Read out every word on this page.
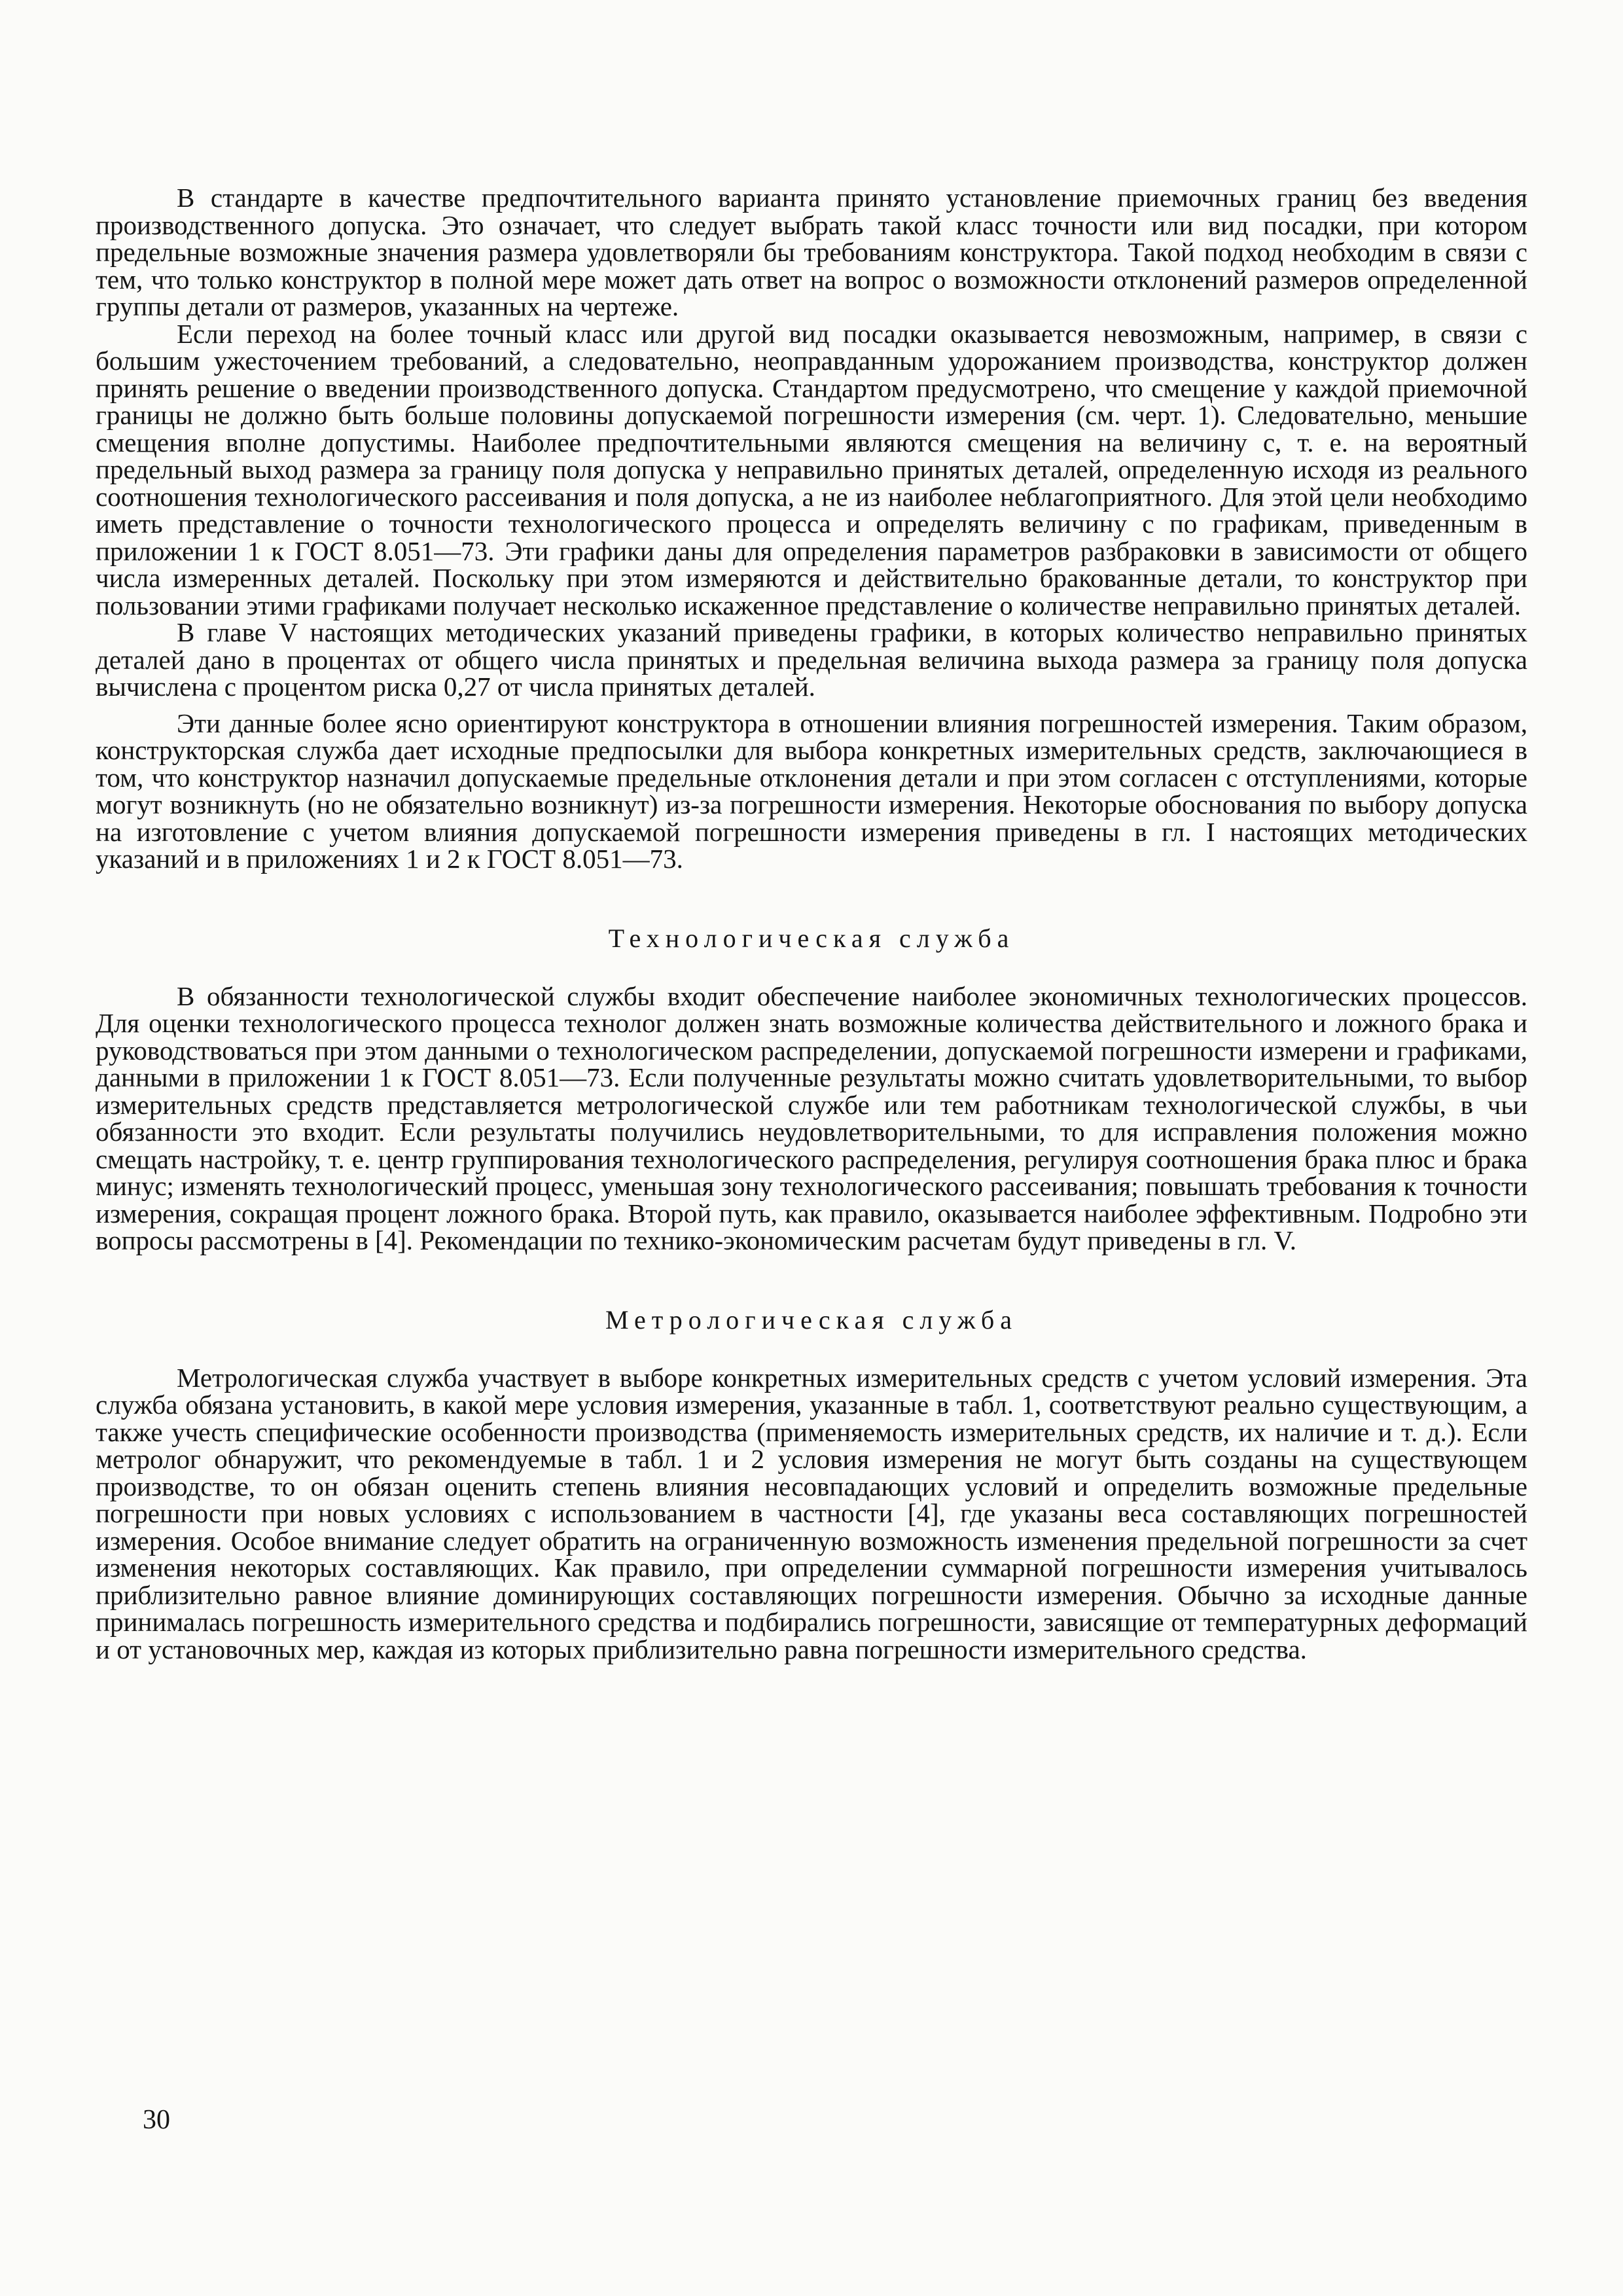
В стандарте в качестве предпочтительного варианта принято установление приемочных границ без введения производственного допуска. Это означает, что следует выбрать такой класс точности или вид посадки, при котором предельные возможные значения размера удовлетворяли бы требованиям конструктора. Такой подход необходим в связи с тем, что только конструктор в полной мере может дать ответ на вопрос о возможности отклонений размеров определенной группы детали от размеров, указанных на чертеже.

Если переход на более точный класс или другой вид посадки оказывается невозможным, например, в связи с большим ужесточением требований, а следовательно, неоправданным удорожанием производства, конструктор должен принять решение о введении производственного допуска. Стандартом предусмотрено, что смещение у каждой приемочной границы не должно быть больше половины допускаемой погрешности измерения (см. черт. 1). Следовательно, меньшие смещения вполне допустимы. Наиболее предпочтительными являются смещения на величину с, т. е. на вероятный предельный выход размера за границу поля допуска у неправильно принятых деталей, определенную исходя из реального соотношения технологического рассеивания и поля допуска, а не из наиболее неблагоприятного. Для этой цели необходимо иметь представление о точности технологического процесса и определять величину с по графикам, приведенным в приложении 1 к ГОСТ 8.051—73. Эти графики даны для определения параметров разбраковки в зависимости от общего числа измеренных деталей. Поскольку при этом измеряются и действительно бракованные детали, то конструктор при пользовании этими графиками получает несколько искаженное представление о количестве неправильно принятых деталей.

В главе V настоящих методических указаний приведены графики, в которых количество неправильно принятых деталей дано в процентах от общего числа принятых и предельная величина выхода размера за границу поля допуска вычислена с процентом риска 0,27 от числа принятых деталей.

Эти данные более ясно ориентируют конструктора в отношении влияния погрешностей измерения. Таким образом, конструкторская служба дает исходные предпосылки для выбора конкретных измерительных средств, заключающиеся в том, что конструктор назначил допускаемые предельные отклонения детали и при этом согласен с отступлениями, которые могут возникнуть (но не обязательно возникнут) из-за погрешности измерения. Некоторые обоснования по выбору допуска на изготовление с учетом влияния допускаемой погрешности измерения приведены в гл. I настоящих методических указаний и в приложениях 1 и 2 к ГОСТ 8.051—73.

Технологическая служба

В обязанности технологической службы входит обеспечение наиболее экономичных технологических процессов. Для оценки технологического процесса технолог должен знать возможные количества действительного и ложного брака и руководствоваться при этом данными о технологическом распределении, допускаемой погрешности измерени и графиками, данными в приложении 1 к ГОСТ 8.051—73. Если полученные результаты можно считать удовлетворительными, то выбор измерительных средств представляется метрологической службе или тем работникам технологической службы, в чьи обязанности это входит. Если результаты получились неудовлетворительными, то для исправления положения можно смещать настройку, т. е. центр группирования технологического распределения, регулируя соотношения брака плюс и брака минус; изменять технологический процесс, уменьшая зону технологического рассеивания; повышать требования к точности измерения, сокращая процент ложного брака. Второй путь, как правило, оказывается наиболее эффективным. Подробно эти вопросы рассмотрены в [4]. Рекомендации по технико-экономическим расчетам будут приведены в гл. V.

Метрологическая служба

Метрологическая служба участвует в выборе конкретных измерительных средств с учетом условий измерения. Эта служба обязана установить, в какой мере условия измерения, указанные в табл. 1, соответствуют реально существующим, а также учесть специфические особенности производства (применяемость измерительных средств, их наличие и т. д.). Если метролог обнаружит, что рекомендуемые в табл. 1 и 2 условия измерения не могут быть созданы на существующем производстве, то он обязан оценить степень влияния несовпадающих условий и определить возможные предельные погрешности при новых условиях с использованием в частности [4], где указаны веса составляющих погрешностей измерения. Особое внимание следует обратить на ограниченную возможность изменения предельной погрешности за счет изменения некоторых составляющих. Как правило, при определении суммарной погрешности измерения учитывалось приблизительно равное влияние доминирующих составляющих погрешности измерения. Обычно за исходные данные принималась погрешность измерительного средства и подбирались погрешности, зависящие от температурных деформаций и от установочных мер, каждая из которых приблизительно равна погрешности измерительного средства.

30
